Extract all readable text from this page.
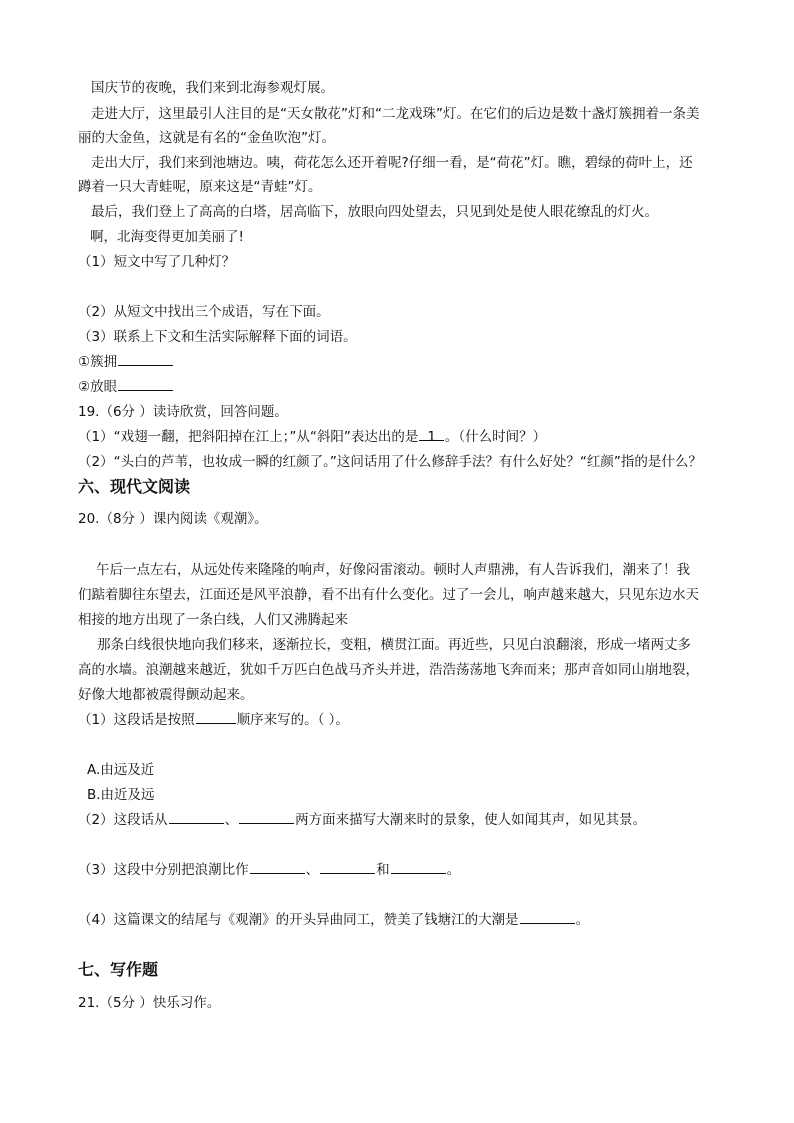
国庆节的夜晚，我们来到北海参观灯展。
走进大厅，这里最引人注目的是“天女散花”灯和“二龙戏珠”灯。在它们的后边是数十盏灯簇拥着一条美
丽的大金鱼，这就是有名的“金鱼吹泡”灯。
走出大厅，我们来到池塘边。咦，荷花怎么还开着呢?仔细一看，是“荷花”灯。瞧，碧绿的荷叶上，还
蹲着一只大青蛙呢，原来这是“青蛙”灯。
最后，我们登上了高高的白塔，居高临下，放眼向四处望去，只见到处是使人眼花缭乱的灯火。
啊，北海变得更加美丽了!
（1）短文中写了几种灯？
（2）从短文中找出三个成语，写在下面。
（3）联系上下文和生活实际解释下面的词语。
①簇拥
②放眼
19.（6分 ）读诗欣赏，回答问题。
（1）“戏翅一翻，把斜阳掉在江上；”从“斜阳”表达出的是 1 。（什么时间？）
（2）“头白的芦苇，也妆成一瞬的红颜了。”这问话用了什么修辞手法？有什么好处？“红颜”指的是什么？
六、现代文阅读
20.（8分 ）课内阅读《观潮》。
午后一点左右，从远处传来隆隆的响声，好像闷雷滚动。顿时人声鼎沸，有人告诉我们，潮来了！我
们踮着脚往东望去，江面还是风平浪静，看不出有什么变化。过了一会儿，响声越来越大，只见东边水天
相接的地方出现了一条白线，人们又沸腾起来
那条白线很快地向我们移来，逐渐拉长，变粗，横贯江面。再近些，只见白浪翻滚，形成一堵两丈多
高的水墙。浪潮越来越近，犹如千万匹白色战马齐头并进，浩浩荡荡地飞奔而来；那声音如同山崩地裂，
好像大地都被震得颤动起来。
（1）这段话是按照	顺序来写的。（ ）。
A.由远及近
B.由近及远
（2）这段话从	、	两方面来描写大潮来时的景象，使人如闻其声，如见其景。
（3）这段中分别把浪潮比作	、	和	。
（4）这篇课文的结尾与《观潮》的开头异曲同工，赞美了钱塘江的大潮是	。
七、写作题
21.（5分 ）快乐习作。
